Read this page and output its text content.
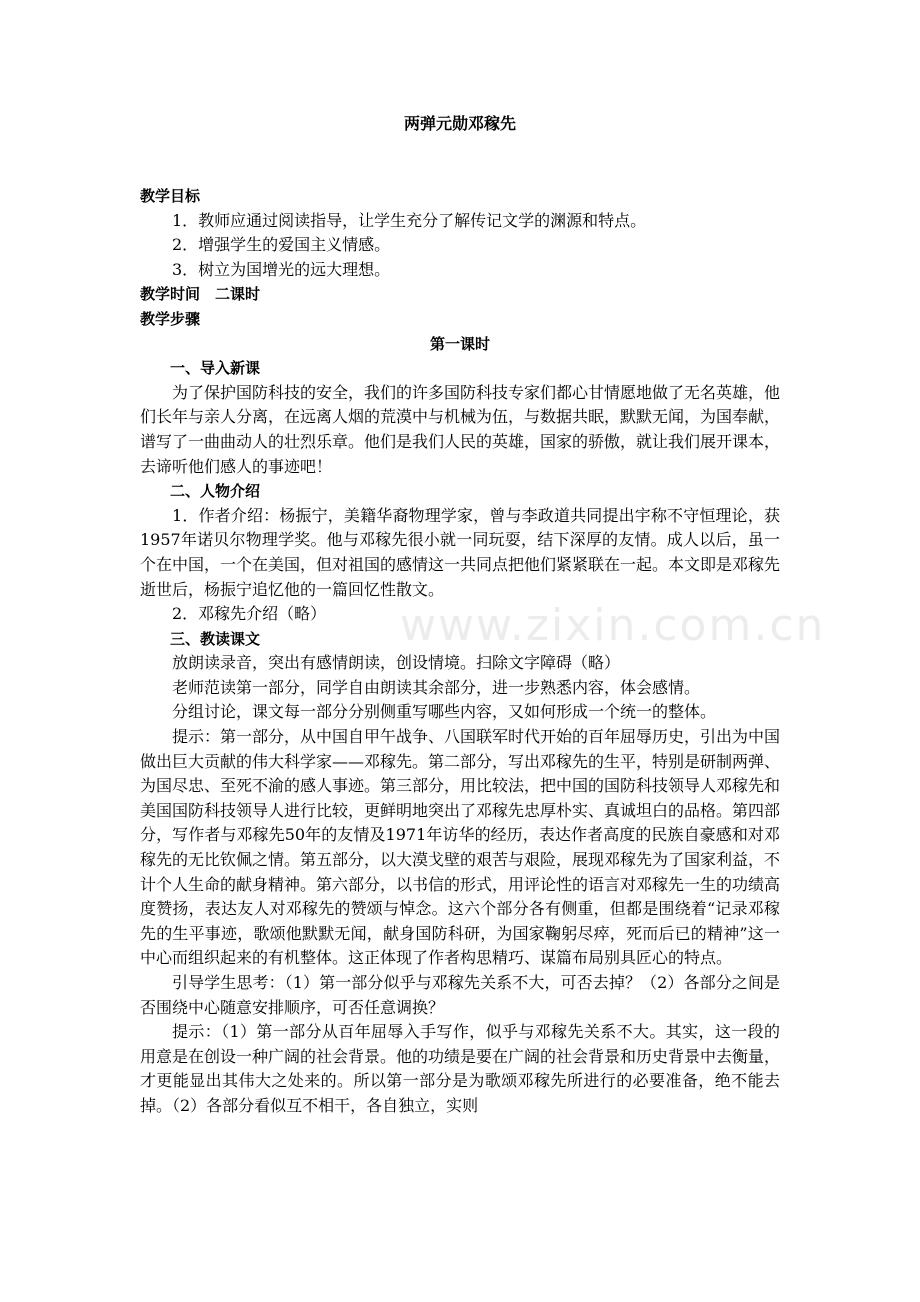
两弹元勋邓稼先

教学目标

1．教师应通过阅读指导，让学生充分了解传记文学的渊源和特点。

2．增强学生的爱国主义情感。

3．树立为国增光的远大理想。

教学时间　二课时

教学步骤

第一课时

一、导入新课

为了保护国防科技的安全，我们的许多国防科技专家们都心甘情愿地做了无名英雄，他们长年与亲人分离，在远离人烟的荒漠中与机械为伍，与数据共眠，默默无闻，为国奉献，谱写了一曲曲动人的壮烈乐章。他们是我们人民的英雄，国家的骄傲，就让我们展开课本，去谛听他们感人的事迹吧！

二、人物介绍

1．作者介绍：杨振宁，美籍华裔物理学家，曾与李政道共同提出宇称不守恒理论，获1957年诺贝尔物理学奖。他与邓稼先很小就一同玩耍，结下深厚的友情。成人以后，虽一个在中国，一个在美国，但对祖国的感情这一共同点把他们紧紧联在一起。本文即是邓稼先逝世后，杨振宁追忆他的一篇回忆性散文。

2．邓稼先介绍（略）

三、教读课文

放朗读录音，突出有感情朗读，创设情境。扫除文字障碍（略）

老师范读第一部分，同学自由朗读其余部分，进一步熟悉内容，体会感情。

分组讨论，课文每一部分分别侧重写哪些内容，又如何形成一个统一的整体。

提示：第一部分，从中国自甲午战争、八国联军时代开始的百年屈辱历史，引出为中国做出巨大贡献的伟大科学家——邓稼先。第二部分，写出邓稼先的生平，特别是研制两弹、为国尽忠、至死不渝的感人事迹。第三部分，用比较法，把中国的国防科技领导人邓稼先和美国国防科技领导人进行比较，更鲜明地突出了邓稼先忠厚朴实、真诚坦白的品格。第四部分，写作者与邓稼先50年的友情及1971年访华的经历，表达作者高度的民族自豪感和对邓稼先的无比钦佩之情。第五部分，以大漠戈壁的艰苦与艰险，展现邓稼先为了国家利益，不计个人生命的献身精神。第六部分，以书信的形式，用评论性的语言对邓稼先一生的功绩高度赞扬，表达友人对邓稼先的赞颂与悼念。这六个部分各有侧重，但都是围绕着“记录邓稼先的生平事迹，歌颂他默默无闻，献身国防科研，为国家鞠躬尽瘁，死而后已的精神”这一中心而组织起来的有机整体。这正体现了作者构思精巧、谋篇布局别具匠心的特点。

引导学生思考：（1）第一部分似乎与邓稼先关系不大，可否去掉？（2）各部分之间是否围绕中心随意安排顺序，可否任意调换？

提示：（1）第一部分从百年屈辱入手写作，似乎与邓稼先关系不大。其实，这一段的用意是在创设一种广阔的社会背景。他的功绩是要在广阔的社会背景和历史背景中去衡量，才更能显出其伟大之处来的。所以第一部分是为歌颂邓稼先所进行的必要准备，绝不能去掉。（2）各部分看似互不相干，各自独立，实则

www.zixin.com.cn
